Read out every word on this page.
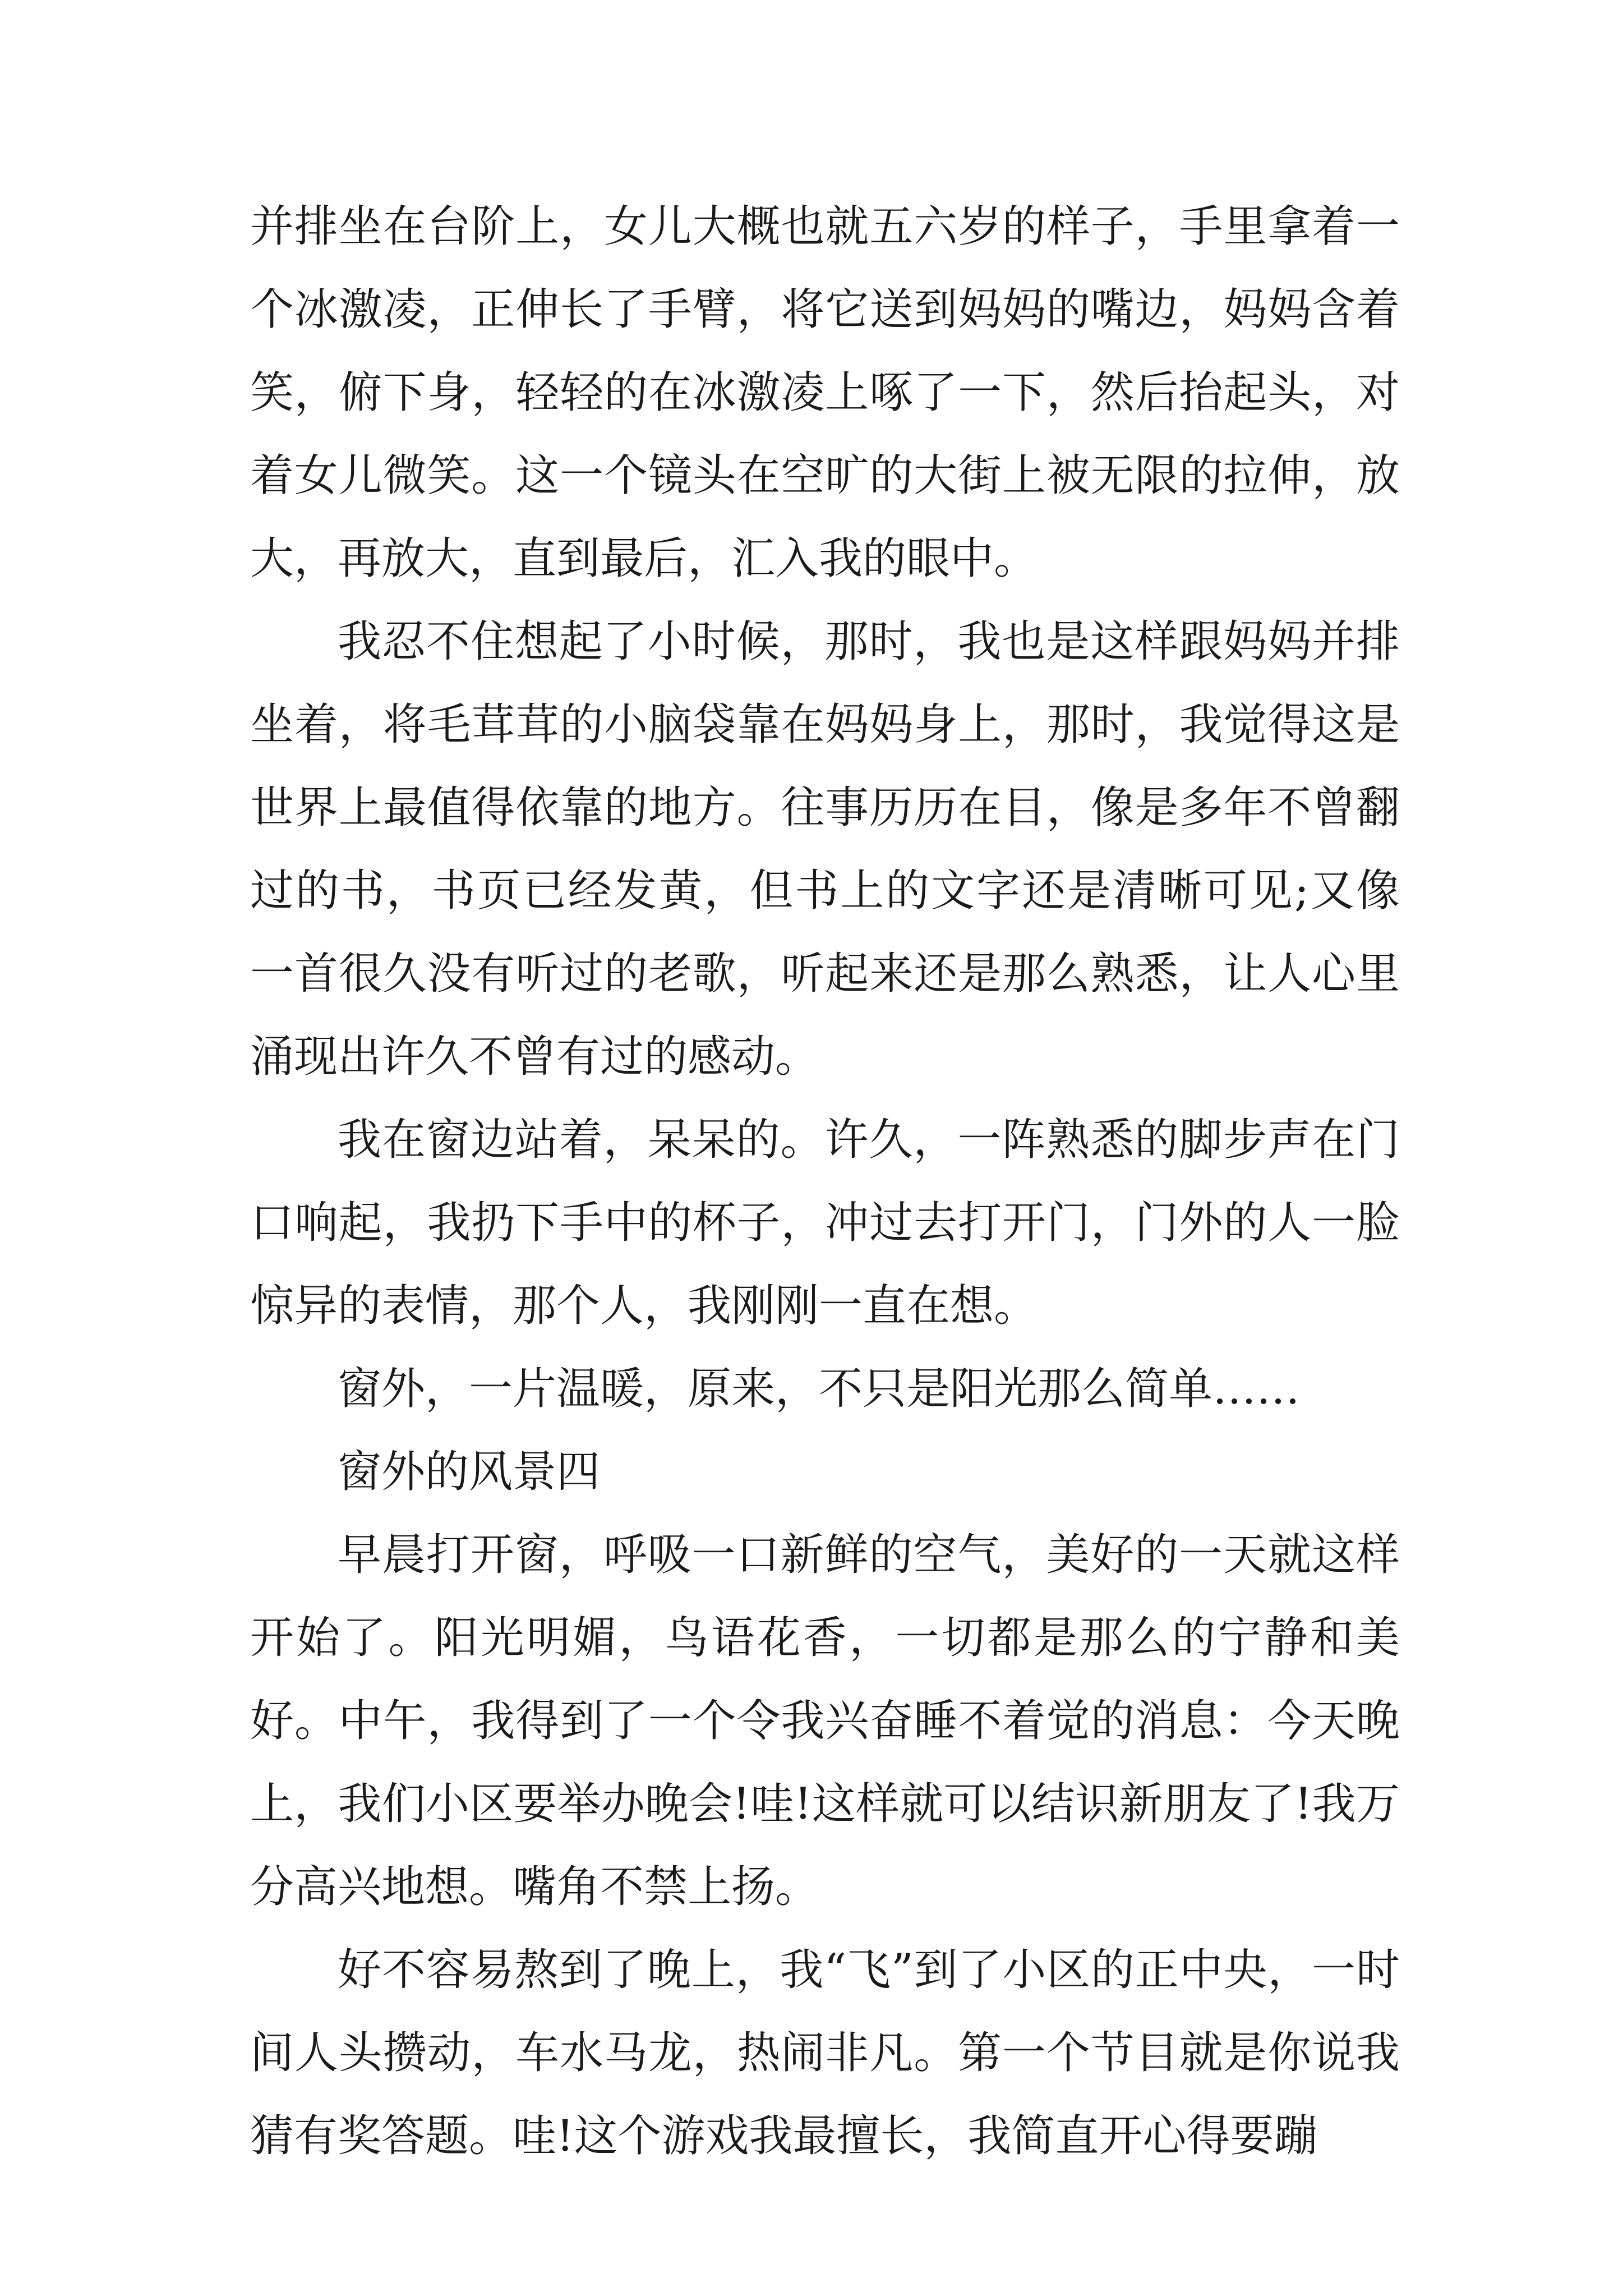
并排坐在台阶上，女儿大概也就五六岁的样子，手里拿着一个冰激凌，正伸长了手臂，将它送到妈妈的嘴边，妈妈含着笑，俯下身，轻轻的在冰激凌上啄了一下，然后抬起头，对着女儿微笑。这一个镜头在空旷的大街上被无限的拉伸，放大，再放大，直到最后，汇入我的眼中。

我忍不住想起了小时候，那时，我也是这样跟妈妈并排坐着，将毛茸茸的小脑袋靠在妈妈身上，那时，我觉得这是世界上最值得依靠的地方。往事历历在目，像是多年不曾翻过的书，书页已经发黄，但书上的文字还是清晰可见;又像一首很久没有听过的老歌，听起来还是那么熟悉，让人心里涌现出许久不曾有过的感动。

我在窗边站着，呆呆的。许久，一阵熟悉的脚步声在门口响起，我扔下手中的杯子，冲过去打开门，门外的人一脸惊异的表情，那个人，我刚刚一直在想。

窗外，一片温暖，原来，不只是阳光那么简单……

窗外的风景四

早晨打开窗，呼吸一口新鲜的空气，美好的一天就这样开始了。阳光明媚，鸟语花香，一切都是那么的宁静和美好。中午，我得到了一个令我兴奋睡不着觉的消息：今天晚上，我们小区要举办晚会!哇!这样就可以结识新朋友了!我万分高兴地想。嘴角不禁上扬。

好不容易熬到了晚上，我“飞”到了小区的正中央，一时间人头攒动，车水马龙，热闹非凡。第一个节目就是你说我猜有奖答题。哇!这个游戏我最擅长，我简直开心得要蹦
